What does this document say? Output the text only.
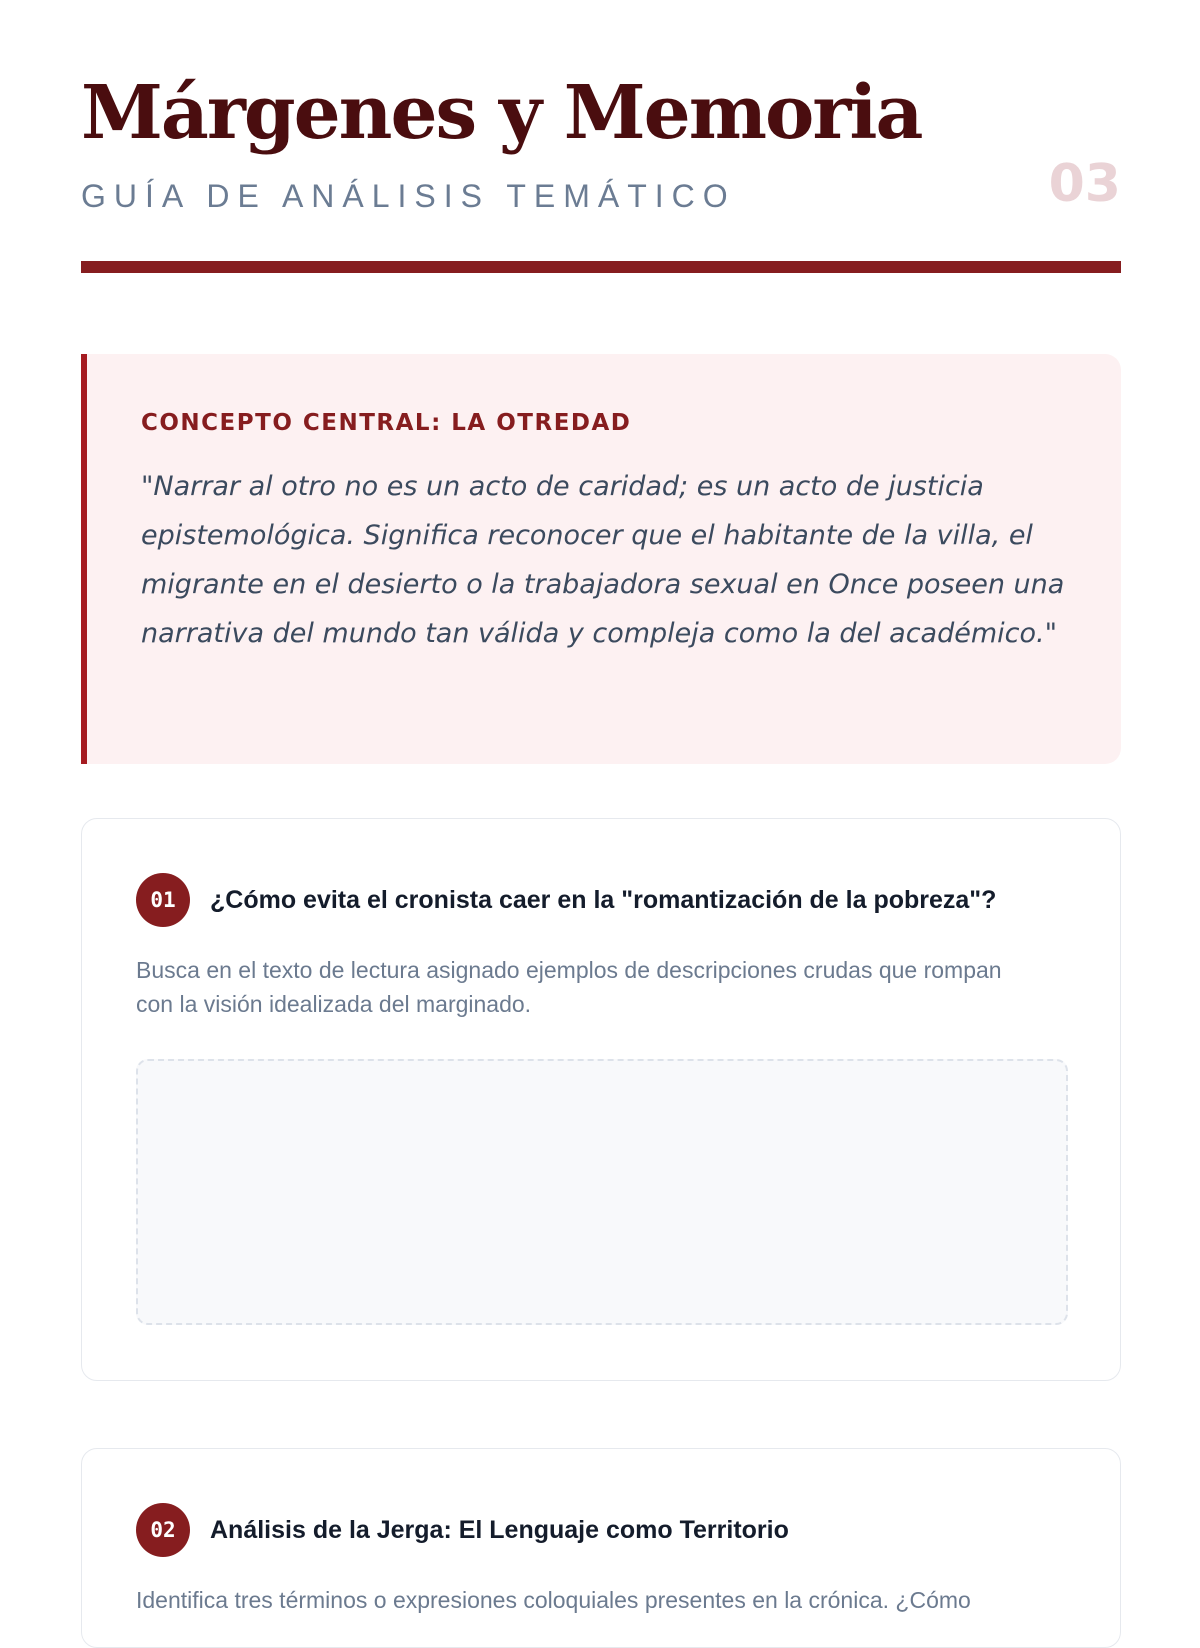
Márgenes y Memoria
GUÍA DE ANÁLISIS TEMÁTICO	03
CONCEPTO CENTRAL: LA OTREDAD

"Narrar al otro no es un acto de caridad; es un acto de justicia epistemológica. Significa reconocer que el habitante de la villa, el migrante en el desierto o la trabajadora sexual en Once poseen una narrativa del mundo tan válida y compleja como la del académico."

01	¿Cómo evita el cronista caer en la "romantización de la pobreza"?

Busca en el texto de lectura asignado ejemplos de descripciones crudas que rompan con la visión idealizada del marginado.

02	Análisis de la Jerga: El Lenguaje como Territorio

Identifica tres términos o expresiones coloquiales presentes en la crónica. ¿Cómo
